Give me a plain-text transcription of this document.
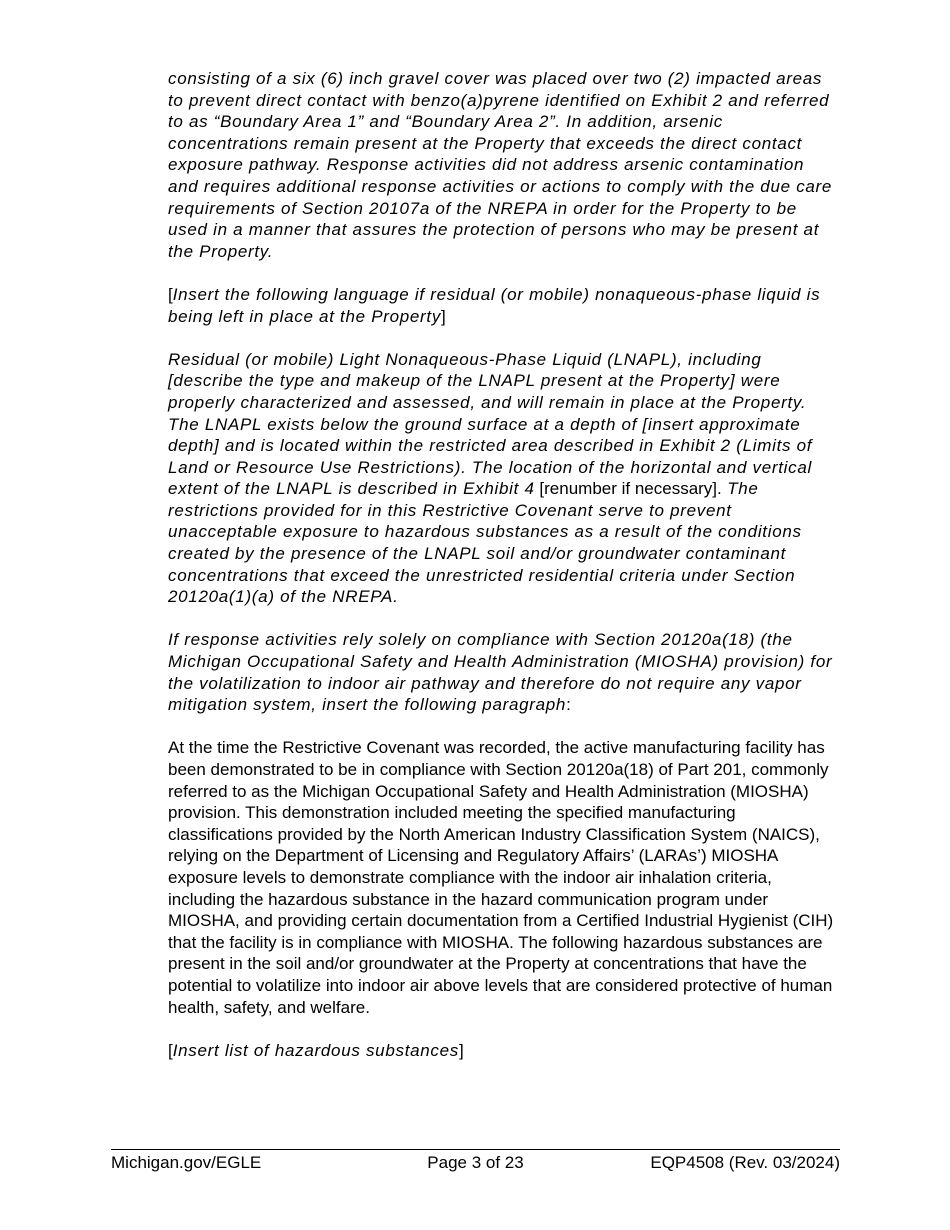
consisting of a six (6) inch gravel cover was placed over two (2) impacted areas to prevent direct contact with benzo(a)pyrene identified on Exhibit 2 and referred to as “Boundary Area 1” and “Boundary Area 2”. In addition, arsenic concentrations remain present at the Property that exceeds the direct contact exposure pathway. Response activities did not address arsenic contamination and requires additional response activities or actions to comply with the due care requirements of Section 20107a of the NREPA in order for the Property to be used in a manner that assures the protection of persons who may be present at the Property.

[Insert the following language if residual (or mobile) nonaqueous-phase liquid is being left in place at the Property]

Residual (or mobile) Light Nonaqueous-Phase Liquid (LNAPL), including [describe the type and makeup of the LNAPL present at the Property] were properly characterized and assessed, and will remain in place at the Property. The LNAPL exists below the ground surface at a depth of [insert approximate depth] and is located within the restricted area described in Exhibit 2 (Limits of Land or Resource Use Restrictions). The location of the horizontal and vertical extent of the LNAPL is described in Exhibit 4 [renumber if necessary]. The restrictions provided for in this Restrictive Covenant serve to prevent unacceptable exposure to hazardous substances as a result of the conditions created by the presence of the LNAPL soil and/or groundwater contaminant concentrations that exceed the unrestricted residential criteria under Section 20120a(1)(a) of the NREPA.

If response activities rely solely on compliance with Section 20120a(18) (the Michigan Occupational Safety and Health Administration (MIOSHA) provision) for the volatilization to indoor air pathway and therefore do not require any vapor mitigation system, insert the following paragraph:

At the time the Restrictive Covenant was recorded, the active manufacturing facility has been demonstrated to be in compliance with Section 20120a(18) of Part 201, commonly referred to as the Michigan Occupational Safety and Health Administration (MIOSHA) provision. This demonstration included meeting the specified manufacturing classifications provided by the North American Industry Classification System (NAICS), relying on the Department of Licensing and Regulatory Affairs’ (LARAs’) MIOSHA exposure levels to demonstrate compliance with the indoor air inhalation criteria, including the hazardous substance in the hazard communication program under MIOSHA, and providing certain documentation from a Certified Industrial Hygienist (CIH) that the facility is in compliance with MIOSHA. The following hazardous substances are present in the soil and/or groundwater at the Property at concentrations that have the potential to volatilize into indoor air above levels that are considered protective of human health, safety, and welfare.

[Insert list of hazardous substances]

Michigan.gov/EGLE	Page 3 of 23	EQP4508 (Rev. 03/2024)
